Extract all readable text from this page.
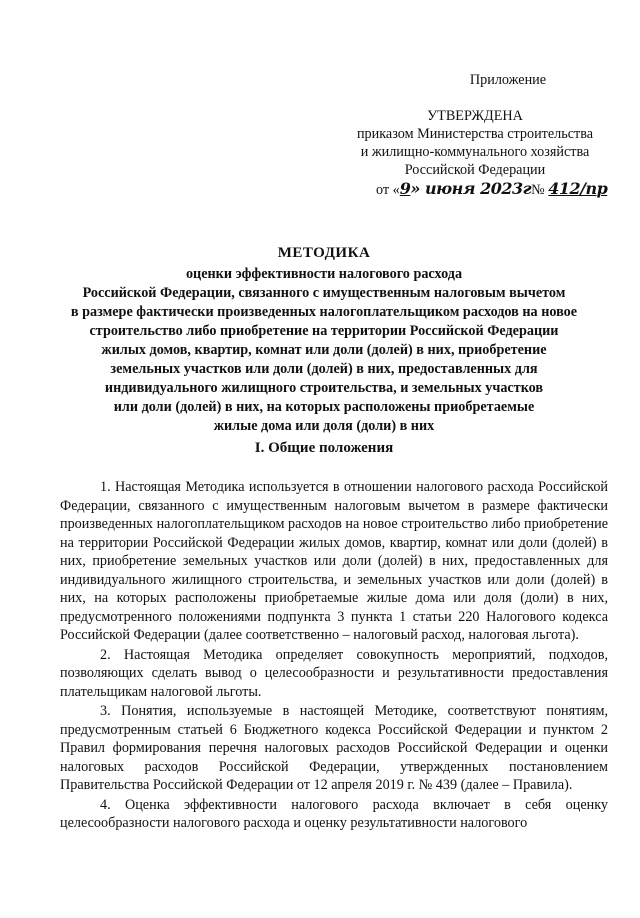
Приложение
УТВЕРЖДЕНА
приказом Министерства строительства
и жилищно-коммунального хозяйства
Российской Федерации
от «9» июня 2023г№ 412/пр
МЕТОДИКА
оценки эффективности налогового расхода
Российской Федерации, связанного с имущественным налоговым вычетом
в размере фактически произведенных налогоплательщиком расходов на новое
строительство либо приобретение на территории Российской Федерации
жилых домов, квартир, комнат или доли (долей) в них, приобретение
земельных участков или доли (долей) в них, предоставленных для
индивидуального жилищного строительства, и земельных участков
или доли (долей) в них, на которых расположены приобретаемые
жилые дома или доля (доли) в них
I. Общие положения

1. Настоящая Методика используется в отношении налогового расхода Российской Федерации, связанного с имущественным налоговым вычетом в размере фактически произведенных налогоплательщиком расходов на новое строительство либо приобретение на территории Российской Федерации жилых домов, квартир, комнат или доли (долей) в них, приобретение земельных участков или доли (долей) в них, предоставленных для индивидуального жилищного строительства, и земельных участков или доли (долей) в них, на которых расположены приобретаемые жилые дома или доля (доли) в них, предусмотренного положениями подпункта 3 пункта 1 статьи 220 Налогового кодекса Российской Федерации (далее соответственно – налоговый расход, налоговая льгота).

2. Настоящая Методика определяет совокупность мероприятий, подходов, позволяющих сделать вывод о целесообразности и результативности предоставления плательщикам налоговой льготы.

3. Понятия, используемые в настоящей Методике, соответствуют понятиям, предусмотренным статьей 6 Бюджетного кодекса Российской Федерации и пунктом 2 Правил формирования перечня налоговых расходов Российской Федерации и оценки налоговых расходов Российской Федерации, утвержденных постановлением Правительства Российской Федерации от 12 апреля 2019 г. № 439 (далее – Правила).

4. Оценка эффективности налогового расхода включает в себя оценку целесообразности налогового расхода и оценку результативности налогового
